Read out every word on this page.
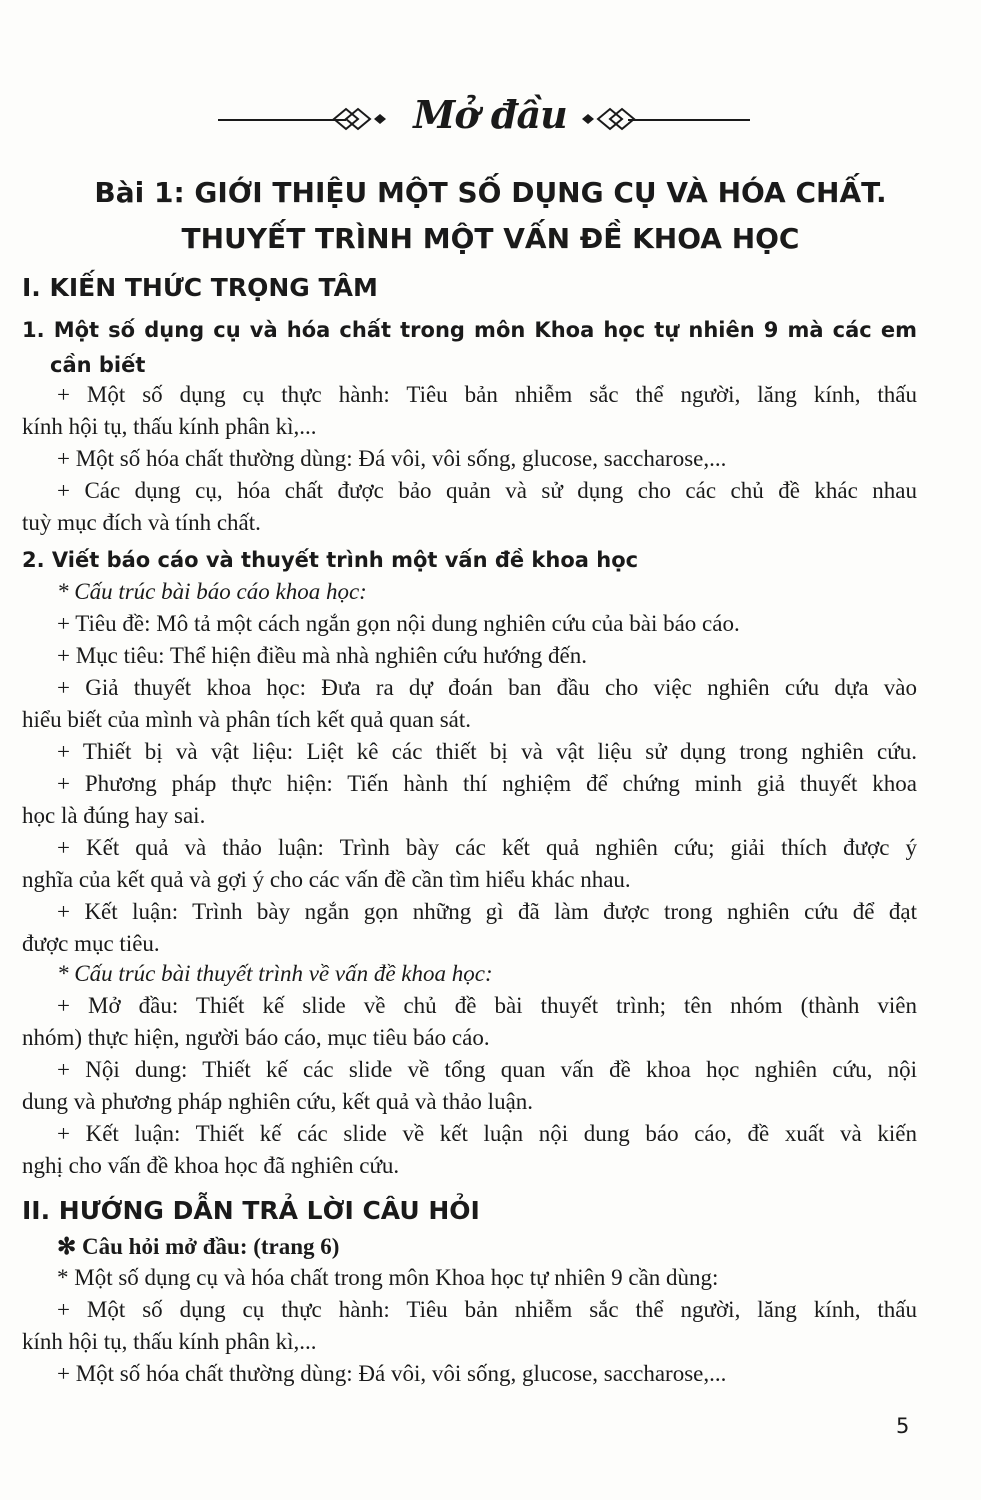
Mở đầu
Bài 1: GIỚI THIỆU MỘT SỐ DỤNG CỤ VÀ HÓA CHẤT.
THUYẾT TRÌNH MỘT VẤN ĐỀ KHOA HỌC
I. KIẾN THỨC TRỌNG TÂM
1. Một số dụng cụ và hóa chất trong môn Khoa học tự nhiên 9 mà các em
cần biết
+ Một số dụng cụ thực hành: Tiêu bản nhiễm sắc thể người, lăng kính, thấu
kính hội tụ, thấu kính phân kì,...
+ Một số hóa chất thường dùng: Đá vôi, vôi sống, glucose, saccharose,...
+ Các dụng cụ, hóa chất được bảo quản và sử dụng cho các chủ đề khác nhau
tuỳ mục đích và tính chất.
2. Viết báo cáo và thuyết trình một vấn đề khoa học
* Cấu trúc bài báo cáo khoa học:
+ Tiêu đề: Mô tả một cách ngắn gọn nội dung nghiên cứu của bài báo cáo.
+ Mục tiêu: Thể hiện điều mà nhà nghiên cứu hướng đến.
+ Giả thuyết khoa học: Đưa ra dự đoán ban đầu cho việc nghiên cứu dựa vào
hiểu biết của mình và phân tích kết quả quan sát.
+ Thiết bị và vật liệu: Liệt kê các thiết bị và vật liệu sử dụng trong nghiên cứu.
+ Phương pháp thực hiện: Tiến hành thí nghiệm để chứng minh giả thuyết khoa
học là đúng hay sai.
+ Kết quả và thảo luận: Trình bày các kết quả nghiên cứu; giải thích được ý
nghĩa của kết quả và gợi ý cho các vấn đề cần tìm hiểu khác nhau.
+ Kết luận: Trình bày ngắn gọn những gì đã làm được trong nghiên cứu để đạt
được mục tiêu.
* Cấu trúc bài thuyết trình về vấn đề khoa học:
+ Mở đầu: Thiết kế slide về chủ đề bài thuyết trình; tên nhóm (thành viên
nhóm) thực hiện, người báo cáo, mục tiêu báo cáo.
+ Nội dung: Thiết kế các slide về tổng quan vấn đề khoa học nghiên cứu, nội
dung và phương pháp nghiên cứu, kết quả và thảo luận.
+ Kết luận: Thiết kế các slide về kết luận nội dung báo cáo, đề xuất và kiến
nghị cho vấn đề khoa học đã nghiên cứu.
II. HƯỚNG DẪN TRẢ LỜI CÂU HỎI
✻ Câu hỏi mở đầu: (trang 6)
* Một số dụng cụ và hóa chất trong môn Khoa học tự nhiên 9 cần dùng:
+ Một số dụng cụ thực hành: Tiêu bản nhiễm sắc thể người, lăng kính, thấu
kính hội tụ, thấu kính phân kì,...
+ Một số hóa chất thường dùng: Đá vôi, vôi sống, glucose, saccharose,...
5
